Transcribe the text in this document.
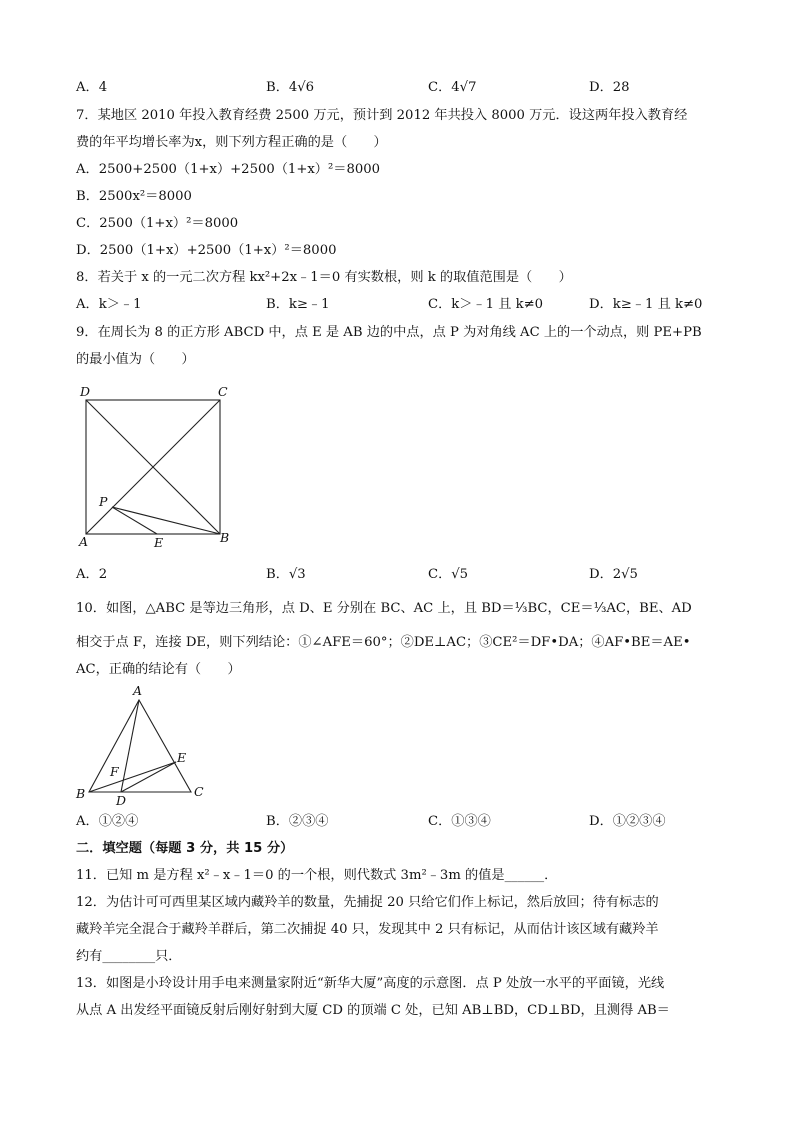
A．4	B．4√6	C．4√7	D．28
7．某地区 2010 年投入教育经费 2500 万元，预计到 2012 年共投入 8000 万元．设这两年投入教育经
费的年平均增长率为x，则下列方程正确的是（　　）
A．2500+2500（1+x）+2500（1+x）²＝8000
B．2500x²＝8000
C．2500（1+x）²＝8000
D．2500（1+x）+2500（1+x）²＝8000
8．若关于 x 的一元二次方程 kx²+2x﹣1＝0 有实数根，则 k 的取值范围是（　　）
A．k＞﹣1	B．k≥﹣1	C．k＞﹣1 且 k≠0	D．k≥﹣1 且 k≠0
9．在周长为 8 的正方形 ABCD 中，点 E 是 AB 边的中点，点 P 为对角线 AC 上的一个动点，则 PE+PB
的最小值为（　　）
D	C
P
A	E	B
A．2	B．√3	C．√5	D．2√5
10．如图，△ABC 是等边三角形，点 D、E 分别在 BC、AC 上，且 BD＝⅓BC，CE＝⅓AC，BE、AD
相交于点 F，连接 DE，则下列结论：①∠AFE＝60°；②DE⊥AC；③CE²＝DF•DA；④AF•BE＝AE•
AC，正确的结论有（　　）
A
B	C
D
E
F
A．①②④	B．②③④	C．①③④	D．①②③④
二．填空题（每题 3 分，共 15 分）
11．已知 m 是方程 x²﹣x﹣1＝0 的一个根，则代数式 3m²﹣3m 的值是______．
12．为估计可可西里某区域内藏羚羊的数量，先捕捉 20 只给它们作上标记，然后放回；待有标志的
藏羚羊完全混合于藏羚羊群后，第二次捕捉 40 只，发现其中 2 只有标记，从而估计该区域有藏羚羊
约有________只．
13．如图是小玲设计用手电来测量家附近“新华大厦”高度的示意图．点 P 处放一水平的平面镜，光线
从点 A 出发经平面镜反射后刚好射到大厦 CD 的顶端 C 处，已知 AB⊥BD，CD⊥BD，且测得 AB＝
